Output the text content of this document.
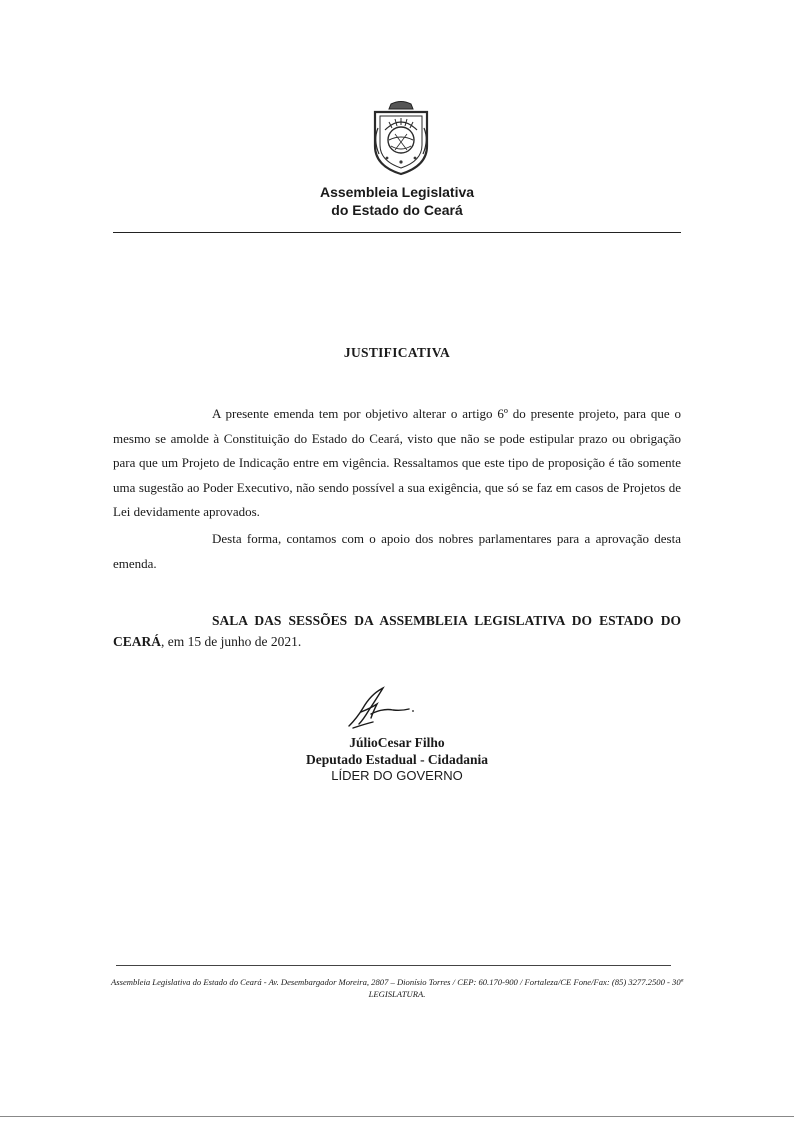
Assembleia Legislativa
do Estado do Ceará
JUSTIFICATIVA

A presente emenda tem por objetivo alterar o artigo 6º do presente projeto, para que o mesmo se amolde à Constituição do Estado do Ceará, visto que não se pode estipular prazo ou obrigação para que um Projeto de Indicação entre em vigência. Ressaltamos que este tipo de proposição é tão somente uma sugestão ao Poder Executivo, não sendo possível a sua exigência, que só se faz em casos de Projetos de Lei devidamente aprovados.

Desta forma, contamos com o apoio dos nobres parlamentares para a aprovação desta emenda.

SALA DAS SESSÕES DA ASSEMBLEIA LEGISLATIVA DO ESTADO DO CEARÁ, em 15 de junho de 2021.

JúlioCesar Filho
Deputado Estadual - Cidadania
LÍDER DO GOVERNO
Assembleia Legislativa do Estado do Ceará - Av. Desembargador Moreira, 2807 – Dionísio Torres / CEP: 60.170-900 / Fortaleza/CE Fone/Fax: (85) 3277.2500 - 30ª LEGISLATURA.
